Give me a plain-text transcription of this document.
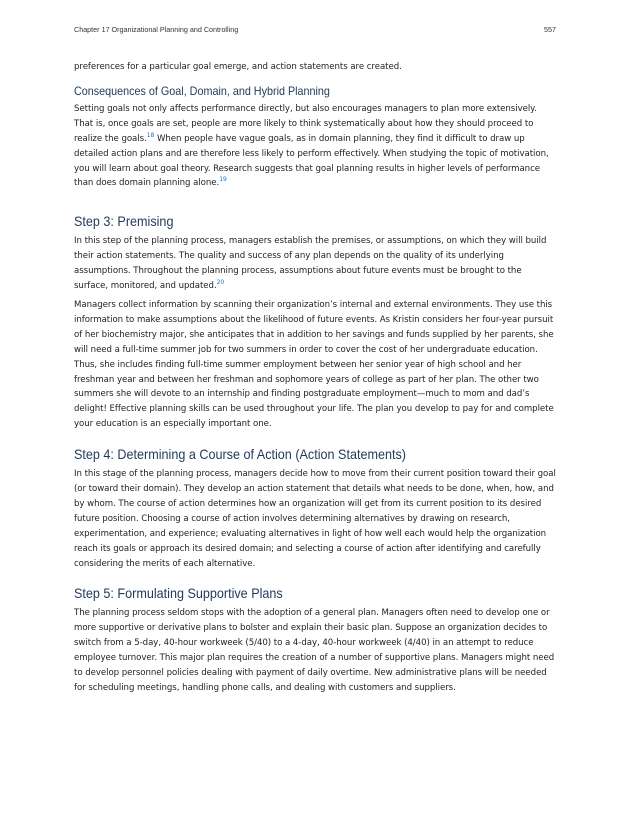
Chapter 17 Organizational Planning and Controlling	557

preferences for a particular goal emerge, and action statements are created.

Consequences of Goal, Domain, and Hybrid Planning

Setting goals not only affects performance directly, but also encourages managers to plan more extensively. That is, once goals are set, people are more likely to think systematically about how they should proceed to realize the goals.$^{18}$ When people have vague goals, as in domain planning, they find it difficult to draw up detailed action plans and are therefore less likely to perform effectively. When studying the topic of motivation, you will learn about goal theory. Research suggests that goal planning results in higher levels of performance than does domain planning alone.$^{19}$

Step 3: Premising

In this step of the planning process, managers establish the premises, or assumptions, on which they will build their action statements. The quality and success of any plan depends on the quality of its underlying assumptions. Throughout the planning process, assumptions about future events must be brought to the surface, monitored, and updated.$^{20}$

Managers collect information by scanning their organization’s internal and external environments. They use this information to make assumptions about the likelihood of future events. As Kristin considers her four-year pursuit of her biochemistry major, she anticipates that in addition to her savings and funds supplied by her parents, she will need a full-time summer job for two summers in order to cover the cost of her undergraduate education. Thus, she includes finding full-time summer employment between her senior year of high school and her freshman year and between her freshman and sophomore years of college as part of her plan. The other two summers she will devote to an internship and finding postgraduate employment—much to mom and dad’s delight! Effective planning skills can be used throughout your life. The plan you develop to pay for and complete your education is an especially important one.

Step 4: Determining a Course of Action (Action Statements)

In this stage of the planning process, managers decide how to move from their current position toward their goal (or toward their domain). They develop an action statement that details what needs to be done, when, how, and by whom. The course of action determines how an organization will get from its current position to its desired future position. Choosing a course of action involves determining alternatives by drawing on research, experimentation, and experience; evaluating alternatives in light of how well each would help the organization reach its goals or approach its desired domain; and selecting a course of action after identifying and carefully considering the merits of each alternative.

Step 5: Formulating Supportive Plans

The planning process seldom stops with the adoption of a general plan. Managers often need to develop one or more supportive or derivative plans to bolster and explain their basic plan. Suppose an organization decides to switch from a 5-day, 40-hour workweek (5/40) to a 4-day, 40-hour workweek (4/40) in an attempt to reduce employee turnover. This major plan requires the creation of a number of supportive plans. Managers might need to develop personnel policies dealing with payment of daily overtime. New administrative plans will be needed for scheduling meetings, handling phone calls, and dealing with customers and suppliers.
